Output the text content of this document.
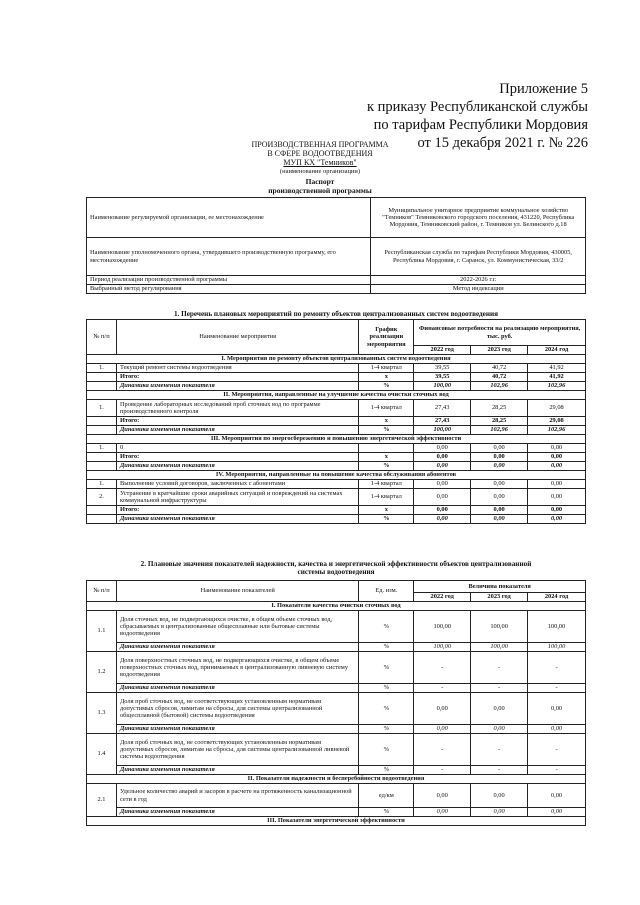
Приложение 5
к приказу Республиканской службы
по тарифам Республики Мордовия
от 15 декабря 2021 г. № 226
ПРОИЗВОДСТВЕННАЯ ПРОГРАММА
В СФЕРЕ ВОДООТВЕДЕНИЯ
МУП КХ "Темников"
(наименование организации)
Паспорт
производственной программы
Наименование регулируемой организации, ее местонахождение	Муниципальное унитарное предприятие коммунальное хозяйство "Темников" Темниковского городского поселения, 431220, Республика Мордовия, Темниковский район, г. Темников ул. Белинского д.18
Наименование уполномоченного органа, утвердившего производственную программу, его местонахождение	Республиканская служба по тарифам Республики Мордовия, 430005, Республика Мордовия, г. Саранск, ул. Коммунистическая, 33/2
Период реализации производственной программы	2022-2026 г.г.
Выбранный метод регулирования	Метод индексации
1. Перечень плановых мероприятий по ремонту объектов централизованных систем водоотведения
№ п/п	Наименование мероприятия	График реализации мероприятия	Финансовые потребности на реализацию мероприятия, тыс. руб.		
			2022 год	2023 год	2024 год
I. Мероприятия по ремонту объектов централизованных систем водоотведения					
1.	Текущий ремонт системы водоотведения	1-4 квартал	39,55	40,72	41,92
	Итого:	х	39,55	40,72	41,92
	Динамика изменения показателя	%	100,00	102,96	102,96
II. Мероприятия, направленные на улучшение качества очистки сточных вод					
1.	Проведение лабораторных исследований проб сточных вод по программе производственного контроля	1-4 квартал	27,43	28,25	29,08
	Итого:	х	27,43	28,25	29,08
	Динамика изменения показателя	%	100,00	102,96	102,96
III. Мероприятия по энергосбережению и повышению энергетической эффективности					
1.	0		0,00	0,00	0,00
	Итого:	х	0,00	0,00	0,00
	Динамика изменения показателя	%	0,00	0,00	0,00
IV. Мероприятия, направленные на повышение качества обслуживания абонентов					
1.	Выполнение условий договоров, заключенных с абонентами	1-4 квартал	0,00	0,00	0,00
2.	Устранение в кратчайшие сроки аварийных ситуаций и повреждений на системах коммунальной инфраструктуры	1-4 квартал	0,00	0,00	0,00
	Итого:	х	0,00	0,00	0,00
	Динамика изменения показателя	%	0,00	0,00	0,00
2. Плановые значения показателей надежности, качества и энергетической эффективности объектов централизованной
системы водоотведения
№ п/п	Наименование показателей	Ед. изм.	Величина показателя		
			2022 год	2023 год	2024 год
I. Показатели качества очистки сточных вод					
1.1	Доля сточных вод, не подвергающихся очистке, в общем объеме сточных вод, сбрасываемых в централизованные общесплавные или бытовые системы водоотведения	%	100,00	100,00	100,00
	Динамика изменения показателя	%	100,00	100,00	100,00
1.2	Доля поверхностных сточных вод, не подвергающихся очистке, в общем объеме поверхностных сточных вод, принимаемых в централизованную ливневую систему водоотведения	%	-	-	-
	Динамика изменения показателя	%	-	-	-
1.3	Доля проб сточных вод, не соответствующих установленным нормативам допустимых сбросов, лимитам на сбросы, для системы централизованной общесплавной (бытовой) системы водоотведения	%	0,00	0,00	0,00
	Динамика изменения показателя	%	0,00	0,00	0,00
1.4	Доля проб сточных вод, не соответствующих установленным нормативам допустимых сбросов, лимитам на сбросы, для системы централизованной ливневой системы водоотведения	%	-	-	-
	Динамика изменения показателя	%	-	-	-
II. Показатели надежности и бесперебойности водоотведения					
2.1	Удельное количество аварий и засоров в расчете на протяженность канализационной сети в год	ед/км	0,00	0,00	0,00
	Динамика изменения показателя	%	0,00	0,00	0,00
III. Показатели энергетической эффективности					
